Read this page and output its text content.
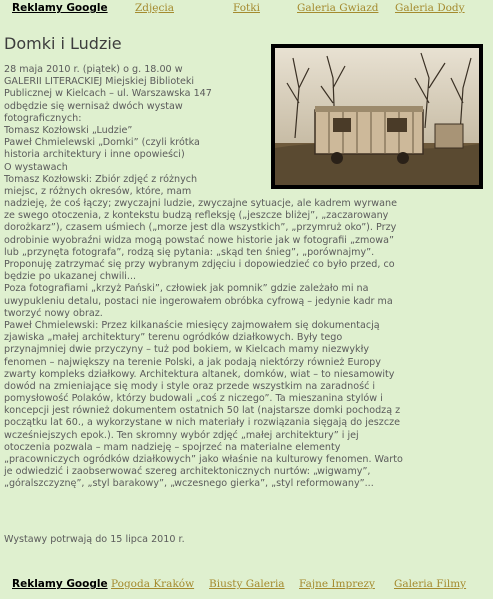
Reklamy Google	Zdjęcia	Fotki	Galeria Gwiazd Galeria Dody
Domki i Ludzie
28 maja 2010 r. (piątek) o g. 18.00 w
GALERII LITERACKIEJ Miejskiej Biblioteki
Publicznej w Kielcach – ul. Warszawska 147
odbędzie się wernisaż dwóch wystaw
fotograficznych:
Tomasz Kozłowski „Ludzie”
Paweł Chmielewski „Domki” (czyli krótka
historia architektury i inne opowieści)
O wystawach
Tomasz Kozłowski: Zbiór zdjęć z różnych
miejsc, z różnych okresów, które, mam
nadzieję, że coś łączy; zwyczajni ludzie, zwyczajne sytuacje, ale kadrem wyrwane
ze swego otoczenia, z kontekstu budzą refleksję („jeszcze bliżej”, „zaczarowany
dorożkarz”), czasem uśmiech („morze jest dla wszystkich”, „przymruż oko”). Przy
odrobinie wyobraźni widza mogą powstać nowe historie jak w fotografii „zmowa”
lub „przynęta fotografa”, rodzą się pytania: „skąd ten śnieg”, „porównajmy”.
Proponuję zatrzymać się przy wybranym zdjęciu i dopowiedzieć co było przed, co
będzie po ukazanej chwili...
Poza fotografiami „krzyż Pański”, człowiek jak pomnik” gdzie zależało mi na
uwypukleniu detalu, postaci nie ingerowałem obróbka cyfrową – jedynie kadr ma
tworzyć nowy obraz.
Paweł Chmielewski: Przez kilkanaście miesięcy zajmowałem się dokumentacją
zjawiska „małej architektury” terenu ogródków działkowych. Były tego
przynajmniej dwie przyczyny – tuż pod bokiem, w Kielcach mamy niezwykły
fenomen – największy na terenie Polski, a jak podają niektórzy również Europy
zwarty kompleks działkowy. Architektura altanek, domków, wiat – to niesamowity
dowód na zmieniające się mody i style oraz przede wszystkim na zaradność i
pomysłowość Polaków, którzy budowali „coś z niczego”. Ta mieszanina stylów i
koncepcji jest również dokumentem ostatnich 50 lat (najstarsze domki pochodzą z
początku lat 60., a wykorzystane w nich materiały i rozwiązania sięgają do jeszcze
wcześniejszych epok.). Ten skromny wybór zdjęć „małej architektury” i jej
otoczenia pozwala – mam nadzieję – spojrzeć na materialne elementy
„pracowniczych ogródków działkowych” jako właśnie na kulturowy fenomen. Warto
je odwiedzić i zaobserwować szereg architektonicznych nurtów: „wigwamy”,
„góralszczyznę”, „styl barakowy”, „wczesnego gierka”, „styl reformowany”...

Wystawy potrwają do 15 lipca 2010 r.

Reklamy Google Pogoda Kraków Biusty Galeria Fajne Imprezy Galeria Filmy
